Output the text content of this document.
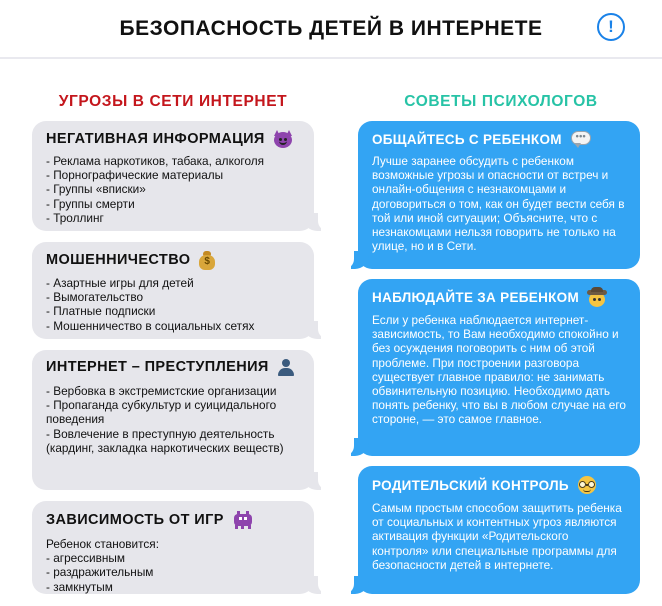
БЕЗОПАСНОСТЬ ДЕТЕЙ В ИНТЕРНЕТЕ	!
УГРОЗЫ В СЕТИ ИНТЕРНЕТ	СОВЕТЫ ПСИХОЛОГОВ
НЕГАТИВНАЯ ИНФОРМАЦИЯ
- Реклама наркотиков, табака, алкоголя
- Порнографические материалы
- Группы «вписки»
- Группы смерти
- Троллинг
МОШЕННИЧЕСТВО	$
- Азартные игры для детей
- Вымогательство
- Платные подписки
- Мошенничество в социальных сетях
ИНТЕРНЕТ – ПРЕСТУПЛЕНИЯ
- Вербовка в экстремистские организации
- Пропаганда субкультур и суицидального поведения
- Вовлечение в преступную деятельность (кардинг, закладка наркотических веществ)
ЗАВИСИМОСТЬ ОТ ИГР
Ребенок становится:
- агрессивным
- раздражительным
- замкнутым
ОБЩАЙТЕСЬ С РЕБЕНКОМ	•••
Лучше заранее обсудить с ребенком возможные угрозы и опасности от встреч и онлайн-общения с незнакомцами и договориться о том, как он будет вести себя в той или иной ситуации; Объясните, что с незнакомцами нельзя говорить не только на улице, но и в Сети.
НАБЛЮДАЙТЕ ЗА РЕБЕНКОМ
Если у ребенка наблюдается интернет-зависимость, то Вам необходимо спокойно и без осуждения поговорить с ним об этой проблеме. При построении разговора существует главное правило: не занимать обвинительную позицию. Необходимо дать понять ребенку, что вы в любом случае на его стороне, — это самое главное.
РОДИТЕЛЬСКИЙ КОНТРОЛЬ
Самым простым способом защитить ребенка от социальных и контентных угроз являются активация функции «Родительского контроля» или специальные программы для безопасности детей в интернете.
